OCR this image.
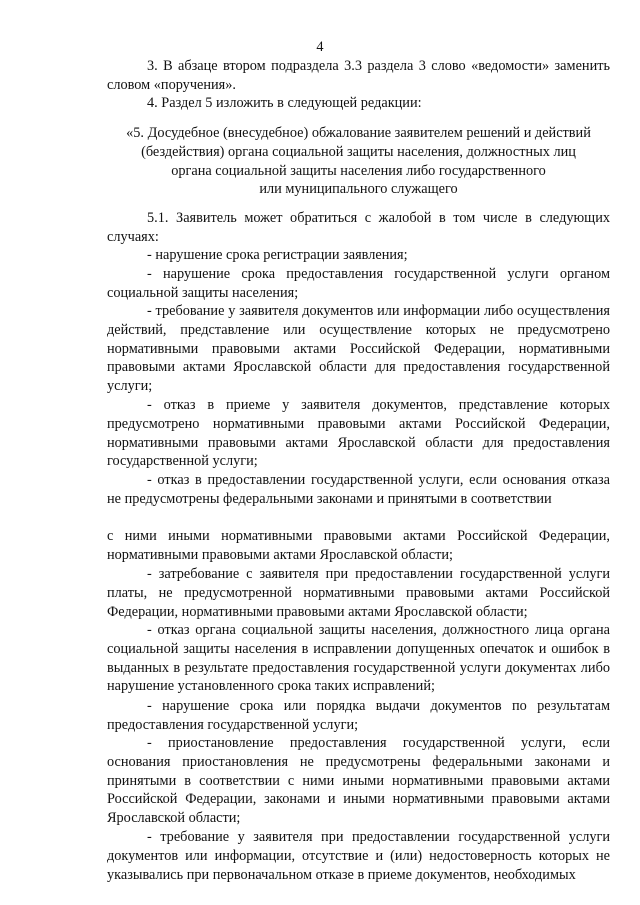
4

3. В абзаце втором подраздела 3.3 раздела 3 слово «ведомости» заменить словом «поручения».

4. Раздел 5 изложить в следующей редакции:

«5. Досудебное (внесудебное) обжалование заявителем решений и действий
(бездействия) органа социальной защиты населения, должностных лиц
органа социальной защиты населения либо государственного
или муниципального служащего

5.1. Заявитель может обратиться с жалобой в том числе в следующих случаях:

- нарушение срока регистрации заявления;

- нарушение срока предоставления государственной услуги органом социальной защиты населения;

- требование у заявителя документов или информации либо осуществления действий, представление или осуществление которых не предусмотрено нормативными правовыми актами Российской Федерации, нормативными правовыми актами Ярославской области для предоставления государственной услуги;

- отказ в приеме у заявителя документов, представление которых предусмотрено нормативными правовыми актами Российской Федерации, нормативными правовыми актами Ярославской области для предоставления государственной услуги;

- отказ в предоставлении государственной услуги, если основания отказа не предусмотрены федеральными законами и принятыми в соответствии

с ними иными нормативными правовыми актами Российской Федерации, нормативными правовыми актами Ярославской области;

- затребование с заявителя при предоставлении государственной услуги платы, не предусмотренной нормативными правовыми актами Российской Федерации, нормативными правовыми актами Ярославской области;

- отказ органа социальной защиты населения, должностного лица органа социальной защиты населения в исправлении допущенных опечаток и ошибок в выданных в результате предоставления государственной услуги документах либо нарушение установленного срока таких исправлений;

- нарушение срока или порядка выдачи документов по результатам предоставления государственной услуги;

- приостановление предоставления государственной услуги, если основания приостановления не предусмотрены федеральными законами и принятыми в соответствии с ними иными нормативными правовыми актами Российской Федерации, законами и иными нормативными правовыми актами Ярославской области;

- требование у заявителя при предоставлении государственной услуги документов или информации, отсутствие и (или) недостоверность которых не указывались при первоначальном отказе в приеме документов, необходимых
